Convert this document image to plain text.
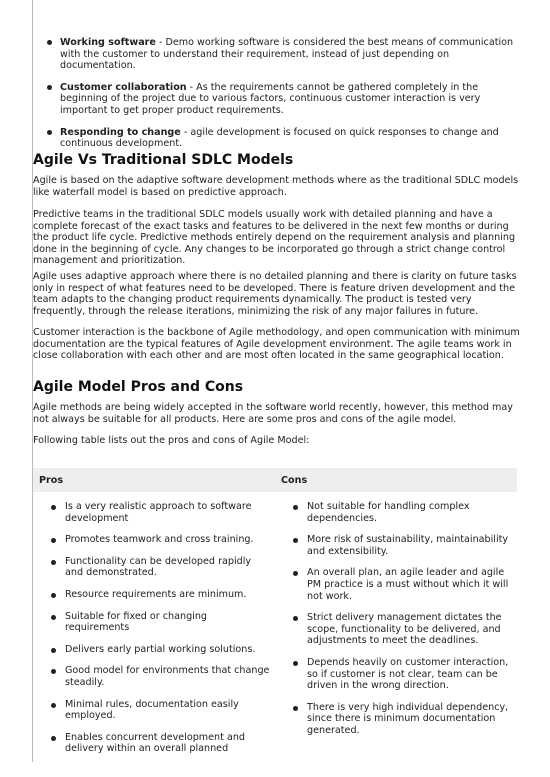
Working software - Demo working software is considered the best means of communication with the customer to understand their requirement, instead of just depending on documentation.
Customer collaboration - As the requirements cannot be gathered completely in the beginning of the project due to various factors, continuous customer interaction is very important to get proper product requirements.
Responding to change - agile development is focused on quick responses to change and continuous development.
Agile Vs Traditional SDLC Models

Agile is based on the adaptive software development methods where as the traditional SDLC models like waterfall model is based on predictive approach.

Predictive teams in the traditional SDLC models usually work with detailed planning and have a complete forecast of the exact tasks and features to be delivered in the next few months or during the product life cycle. Predictive methods entirely depend on the requirement analysis and planning done in the beginning of cycle. Any changes to be incorporated go through a strict change control management and prioritization.

Agile uses adaptive approach where there is no detailed planning and there is clarity on future tasks only in respect of what features need to be developed. There is feature driven development and the team adapts to the changing product requirements dynamically. The product is tested very frequently, through the release iterations, minimizing the risk of any major failures in future.

Customer interaction is the backbone of Agile methodology, and open communication with minimum documentation are the typical features of Agile development environment. The agile teams work in close collaboration with each other and are most often located in the same geographical location.

Agile Model Pros and Cons

Agile methods are being widely accepted in the software world recently, however, this method may not always be suitable for all products. Here are some pros and cons of the agile model.

Following table lists out the pros and cons of Agile Model:

Pros	Cons
Is a very realistic approach to software development
Promotes teamwork and cross training.
Functionality can be developed rapidly and demonstrated.
Resource requirements are minimum.
Suitable for fixed or changing requirements
Delivers early partial working solutions.
Good model for environments that change steadily.
Minimal rules, documentation easily employed.
Enables concurrent development and delivery within an overall planned
Not suitable for handling complex dependencies.
More risk of sustainability, maintainability and extensibility.
An overall plan, an agile leader and agile PM practice is a must without which it will not work.
Strict delivery management dictates the scope, functionality to be delivered, and adjustments to meet the deadlines.
Depends heavily on customer interaction, so if customer is not clear, team can be driven in the wrong direction.
There is very high individual dependency, since there is minimum documentation generated.
